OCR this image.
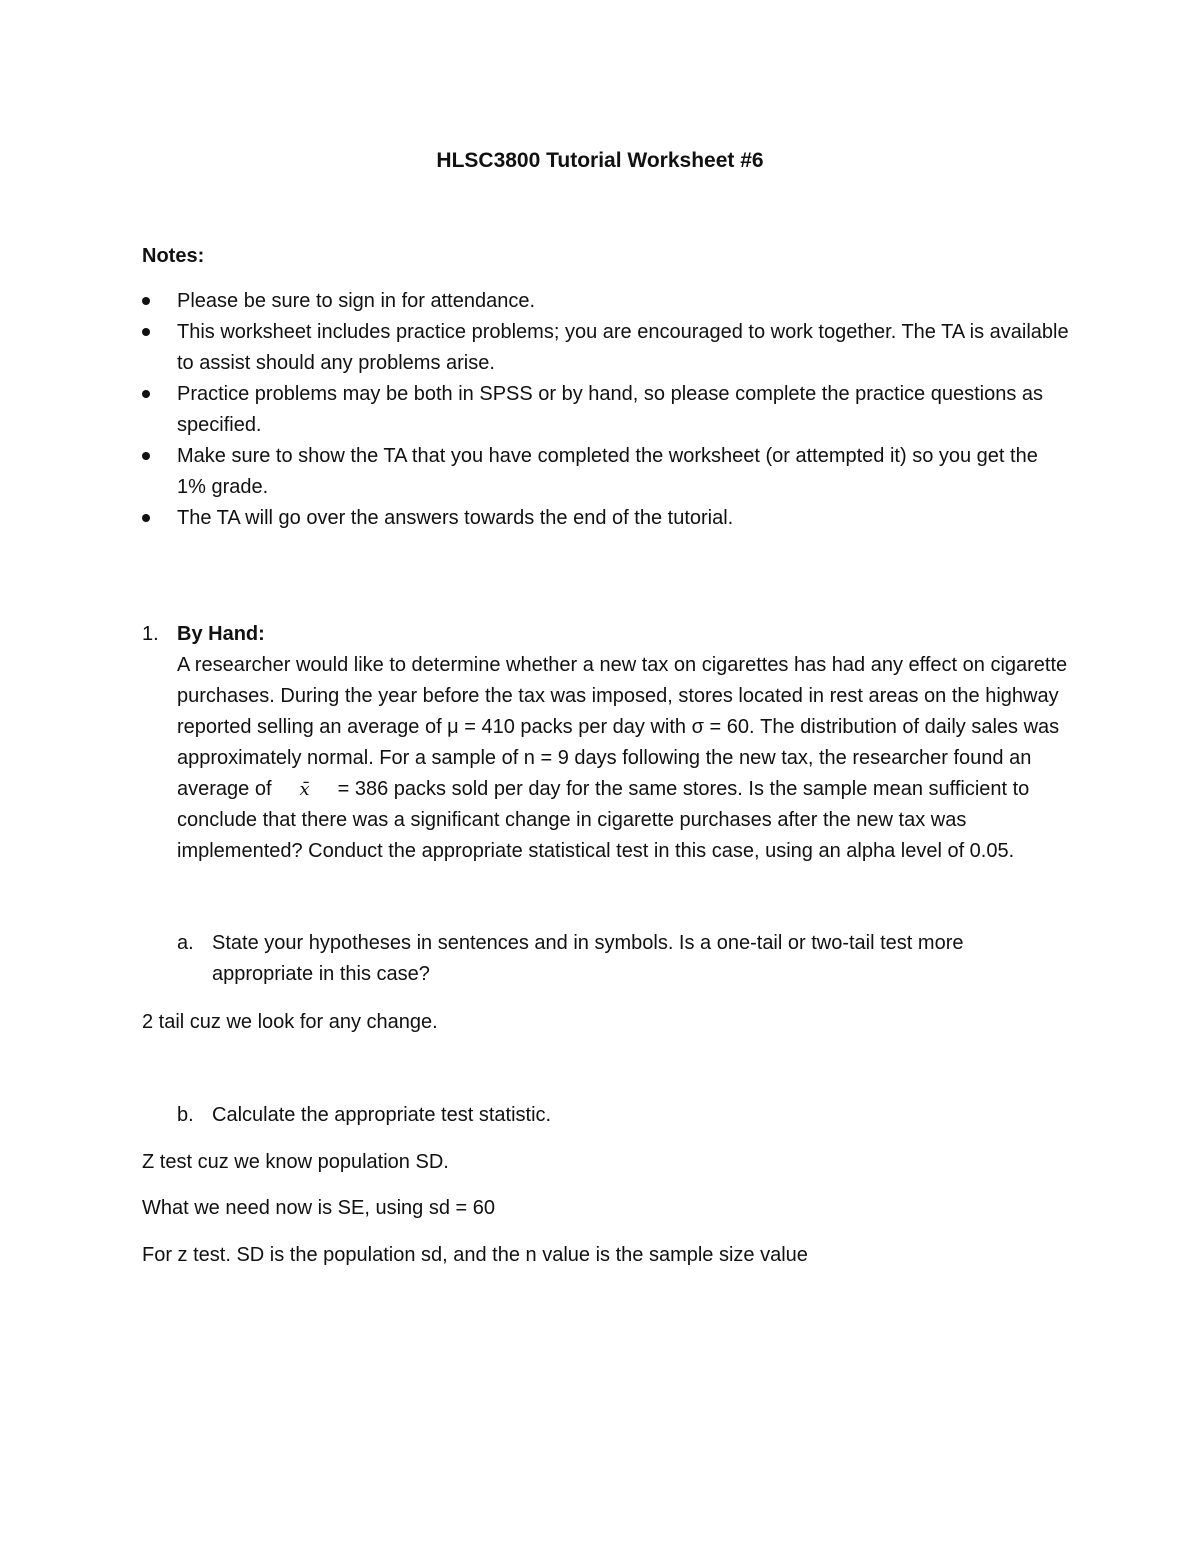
HLSC3800 Tutorial Worksheet #6
Notes:
Please be sure to sign in for attendance.
This worksheet includes practice problems; you are encouraged to work together. The TA is available to assist should any problems arise.
Practice problems may be both in SPSS or by hand, so please complete the practice questions as specified.
Make sure to show the TA that you have completed the worksheet (or attempted it) so you get the 1% grade.
The TA will go over the answers towards the end of the tutorial.
1. By Hand:
A researcher would like to determine whether a new tax on cigarettes has had any effect on cigarette purchases. During the year before the tax was imposed, stores located in rest areas on the highway reported selling an average of μ = 410 packs per day with σ = 60. The distribution of daily sales was approximately normal. For a sample of n = 9 days following the new tax, the researcher found an average of x̄ = 386 packs sold per day for the same stores. Is the sample mean sufficient to conclude that there was a significant change in cigarette purchases after the new tax was implemented? Conduct the appropriate statistical test in this case, using an alpha level of 0.05.
a. State your hypotheses in sentences and in symbols. Is a one-tail or two-tail test more appropriate in this case?
2 tail cuz we look for any change.
b. Calculate the appropriate test statistic.
Z test cuz we know population SD.
What we need now is SE, using sd = 60
For z test. SD is the population sd, and the n value is the sample size value
